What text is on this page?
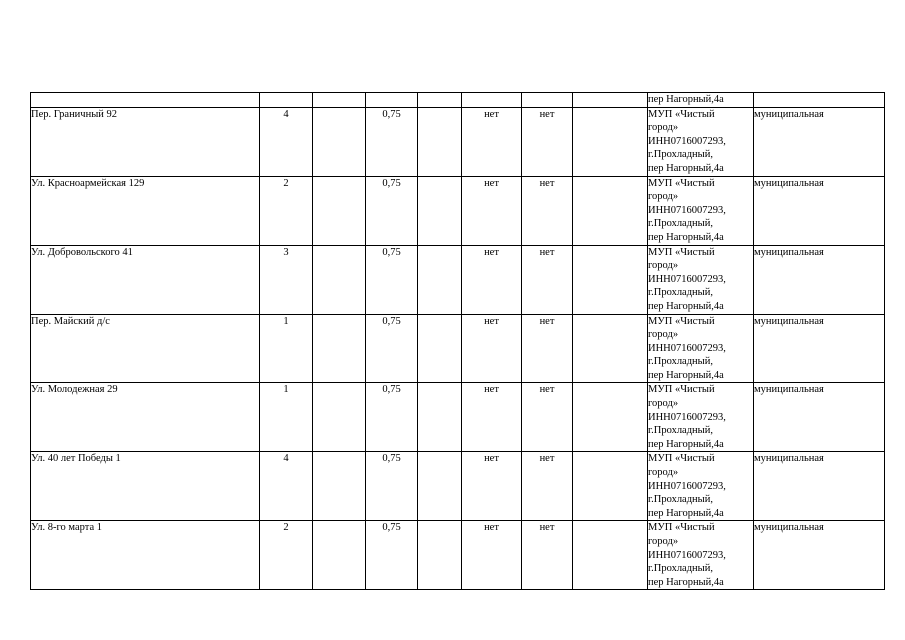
								пер Нагорный,4а	

Пер. Граничный 92	4		0,75		нет	нет		МУП «Чистый
город»
ИНН0716007293,
г.Прохладный,
пер Нагорный,4а	муниципальная
Ул. Красноармейская 129	2		0,75		нет	нет		МУП «Чистый
город»
ИНН0716007293,
г.Прохладный,
пер Нагорный,4а	муниципальная
Ул. Добровольского 41	3		0,75		нет	нет		МУП «Чистый
город»
ИНН0716007293,
г.Прохладный,
пер Нагорный,4а	муниципальная
Пер. Майский д/с	1		0,75		нет	нет		МУП «Чистый
город»
ИНН0716007293,
г.Прохладный,
пер Нагорный,4а	муниципальная
Ул. Молодежная 29	1		0,75		нет	нет		МУП «Чистый
город»
ИНН0716007293,
г.Прохладный,
пер Нагорный,4а	муниципальная
Ул. 40 лет Победы 1	4		0,75		нет	нет		МУП «Чистый
город»
ИНН0716007293,
г.Прохладный,
пер Нагорный,4а	муниципальная
Ул. 8-го марта 1	2		0,75		нет	нет		МУП «Чистый
город»
ИНН0716007293,
г.Прохладный,
пер Нагорный,4а	муниципальная
